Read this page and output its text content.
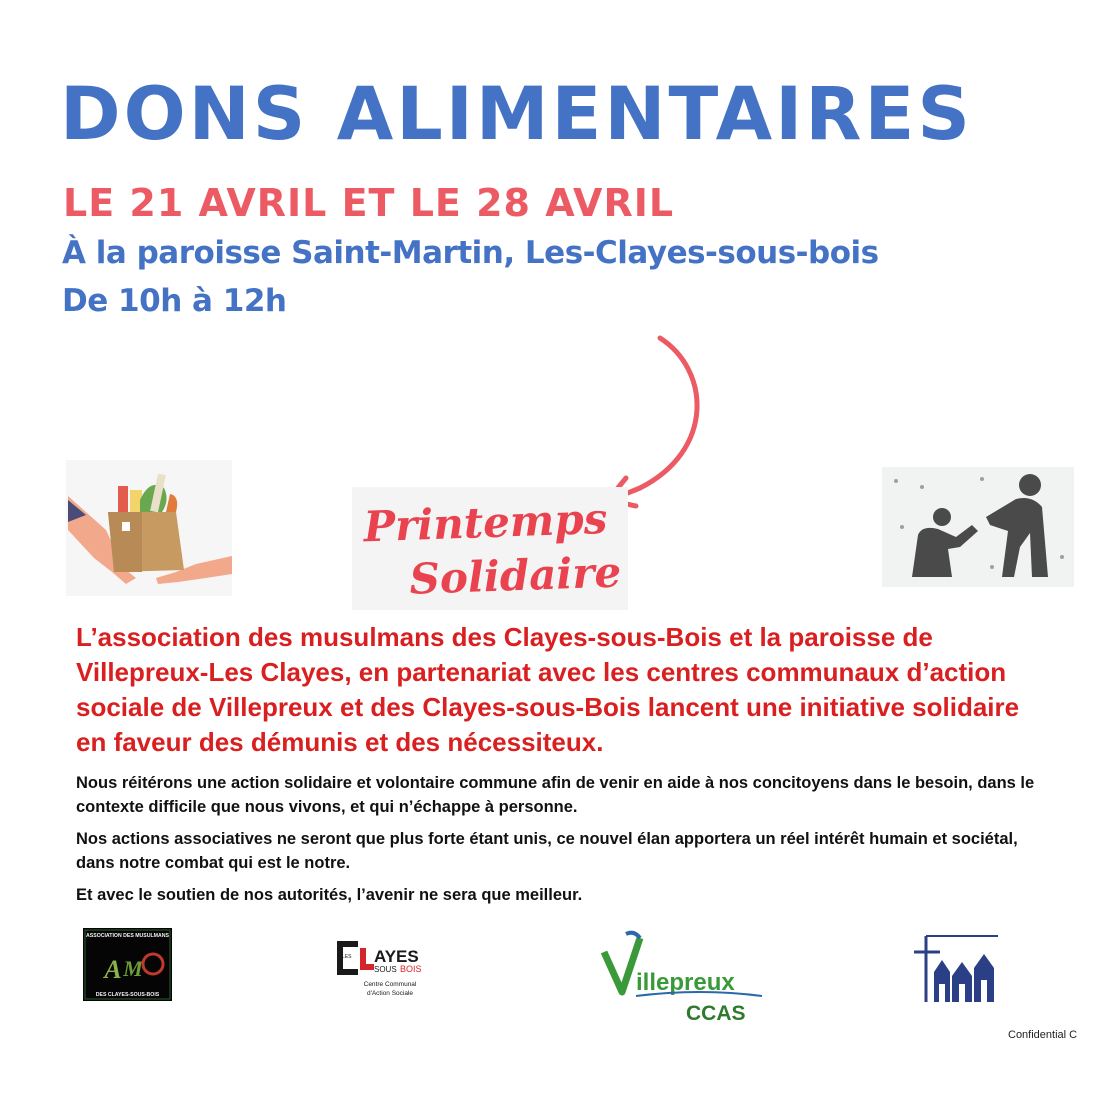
DONS ALIMENTAIRES
LE 21 AVRIL ET LE 28 AVRIL
À la paroisse Saint-Martin, Les-Clayes-sous-bois
De 10h à 12h
Printemps
Solidaire
L’association des musulmans des Clayes-sous-Bois et la paroisse de Villepreux-Les Clayes, en partenariat avec les centres communaux d’action sociale de Villepreux et des Clayes-sous-Bois lancent une initiative solidaire en faveur des démunis et des nécessiteux.
Nous réitérons une action solidaire et volontaire commune afin de venir en aide à nos concitoyens dans le besoin, dans le contexte difficile que nous vivons, et qui n’échappe à personne.
Nos actions associatives ne seront que plus forte étant unis, ce nouvel élan apportera un réel intérêt humain et sociétal, dans notre combat qui est le notre.
Et avec le soutien de nos autorités, l’avenir ne sera que meilleur.
ASSOCIATION DES MUSULMANS
A M
DES CLAYES-SOUS-BOIS
LES AYES
SOUS BOIS
Centre Communal
d'Action Sociale	illepreux
CCAS
Confidential C
